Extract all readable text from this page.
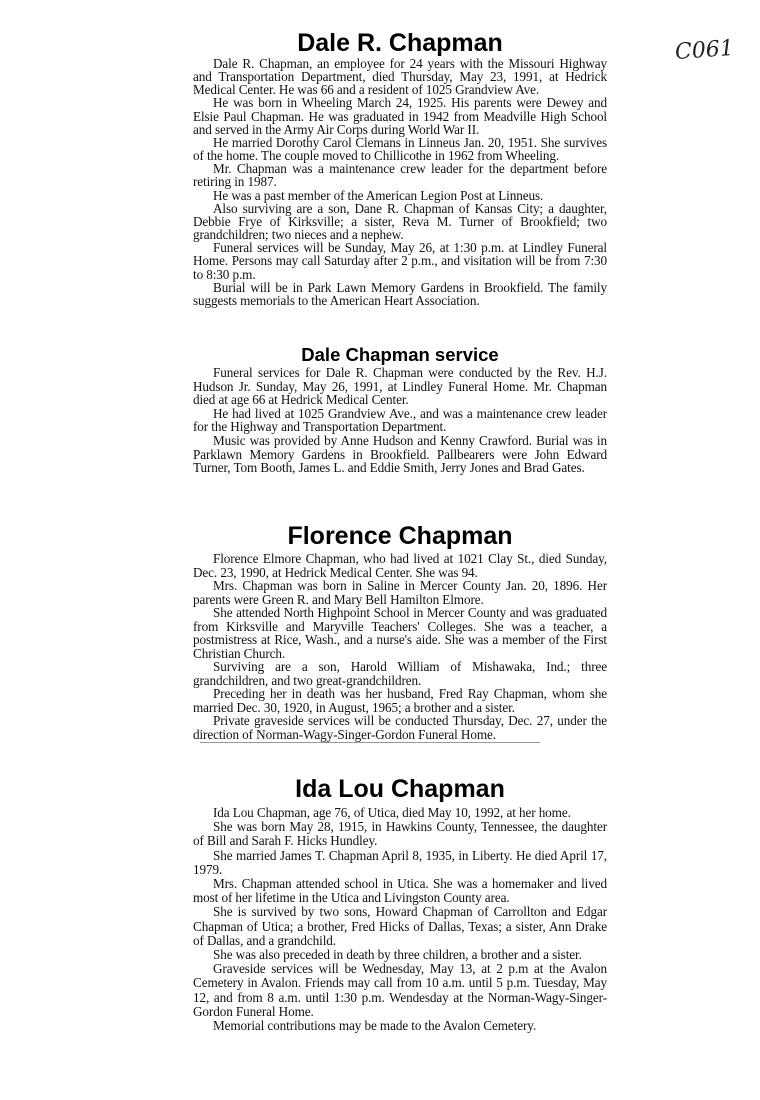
C061
Dale R. Chapman

Dale R. Chapman, an employee for 24 years with the Missouri Highway and Transportation Department, died Thursday, May 23, 1991, at Hedrick Medical Center. He was 66 and a resident of 1025 Grandview Ave.

He was born in Wheeling March 24, 1925. His parents were Dewey and Elsie Paul Chapman. He was graduated in 1942 from Meadville High School and served in the Army Air Corps during World War II.

He married Dorothy Carol Clemans in Linneus Jan. 20, 1951. She survives of the home. The couple moved to Chillicothe in 1962 from Wheeling.

Mr. Chapman was a maintenance crew leader for the department before retiring in 1987.

He was a past member of the American Legion Post at Linneus.

Also surviving are a son, Dane R. Chapman of Kansas City; a daughter, Debbie Frye of Kirksville; a sister, Reva M. Turner of Brookfield; two grandchildren; two nieces and a nephew.

Funeral services will be Sunday, May 26, at 1:30 p.m. at Lindley Funeral Home. Persons may call Saturday after 2 p.m., and visitation will be from 7:30 to 8:30 p.m.

Burial will be in Park Lawn Memory Gardens in Brookfield. The family suggests memorials to the American Heart Association.

Dale Chapman service

Funeral services for Dale R. Chapman were conducted by the Rev. H.J. Hudson Jr. Sunday, May 26, 1991, at Lindley Funeral Home. Mr. Chapman died at age 66 at Hedrick Medical Center.

He had lived at 1025 Grandview Ave., and was a maintenance crew leader for the Highway and Transportation Department.

Music was provided by Anne Hudson and Kenny Crawford. Burial was in Parklawn Memory Gardens in Brookfield. Pallbearers were John Edward Turner, Tom Booth, James L. and Eddie Smith, Jerry Jones and Brad Gates.

Florence Chapman

Florence Elmore Chapman, who had lived at 1021 Clay St., died Sunday, Dec. 23, 1990, at Hedrick Medical Center. She was 94.

Mrs. Chapman was born in Saline in Mercer County Jan. 20, 1896. Her parents were Green R. and Mary Bell Hamilton Elmore.

She attended North Highpoint School in Mercer County and was graduated from Kirksville and Maryville Teachers' Colleges. She was a teacher, a postmistress at Rice, Wash., and a nurse's aide. She was a member of the First Christian Church.

Surviving are a son, Harold William of Mishawaka, Ind.; three grandchildren, and two great-grandchildren.

Preceding her in death was her husband, Fred Ray Chapman, whom she married Dec. 30, 1920, in August, 1965; a brother and a sister.

Private graveside services will be conducted Thursday, Dec. 27, under the direction of Norman-Wagy-Singer-Gordon Funeral Home.

Ida Lou Chapman

Ida Lou Chapman, age 76, of Utica, died May 10, 1992, at her home.

She was born May 28, 1915, in Hawkins County, Tennessee, the daughter of Bill and Sarah F. Hicks Hundley.

She married James T. Chapman April 8, 1935, in Liberty. He died April 17, 1979.

Mrs. Chapman attended school in Utica. She was a homemaker and lived most of her lifetime in the Utica and Livingston County area.

She is survived by two sons, Howard Chapman of Carrollton and Edgar Chapman of Utica; a brother, Fred Hicks of Dallas, Texas; a sister, Ann Drake of Dallas, and a grandchild.

She was also preceded in death by three children, a brother and a sister.

Graveside services will be Wednesday, May 13, at 2 p.m at the Avalon Cemetery in Avalon. Friends may call from 10 a.m. until 5 p.m. Tuesday, May 12, and from 8 a.m. until 1:30 p.m. Wendesday at the Norman-Wagy-Singer-Gordon Funeral Home.

Memorial contributions may be made to the Avalon Cemetery.
